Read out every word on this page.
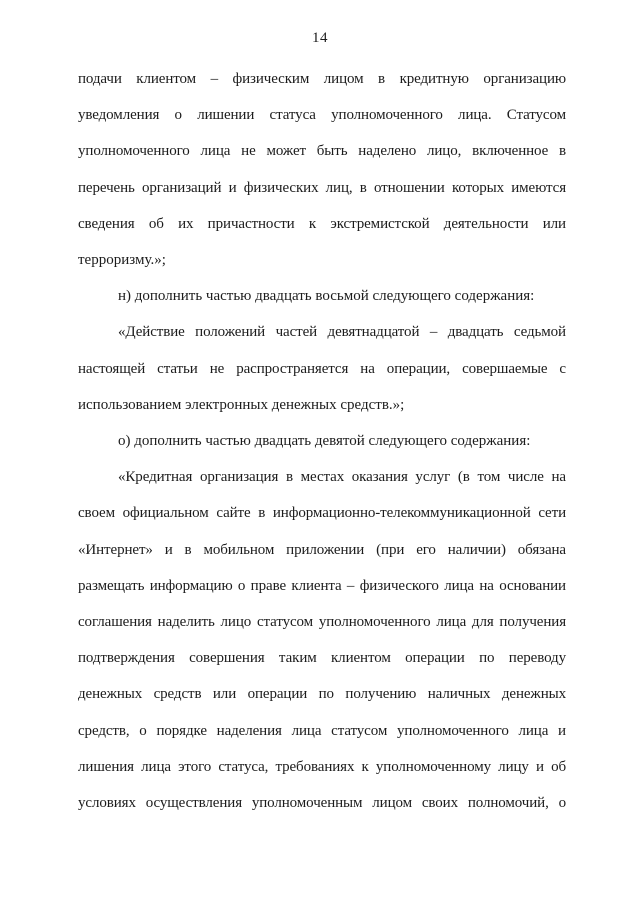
14
подачи клиентом – физическим лицом в кредитную организацию
уведомления о лишении статуса уполномоченного лица. Статусом
уполномоченного лица не может быть наделено лицо, включенное в
перечень организаций и физических лиц, в отношении которых имеются
сведения об их причастности к экстремистской деятельности или
терроризму.»;
н) дополнить частью двадцать восьмой следующего содержания:
«Действие положений частей девятнадцатой – двадцать седьмой
настоящей статьи не распространяется на операции, совершаемые с
использованием электронных денежных средств.»;
о) дополнить частью двадцать девятой следующего содержания:
«Кредитная организация в местах оказания услуг (в том числе на
своем официальном сайте в информационно-телекоммуникационной сети
«Интернет» и в мобильном приложении (при его наличии) обязана
размещать информацию о праве клиента – физического лица на основании
соглашения наделить лицо статусом уполномоченного лица для получения
подтверждения совершения таким клиентом операции по переводу
денежных средств или операции по получению наличных денежных
средств, о порядке наделения лица статусом уполномоченного лица и
лишения лица этого статуса, требованиях к уполномоченному лицу и об
условиях осуществления уполномоченным лицом своих полномочий, о
